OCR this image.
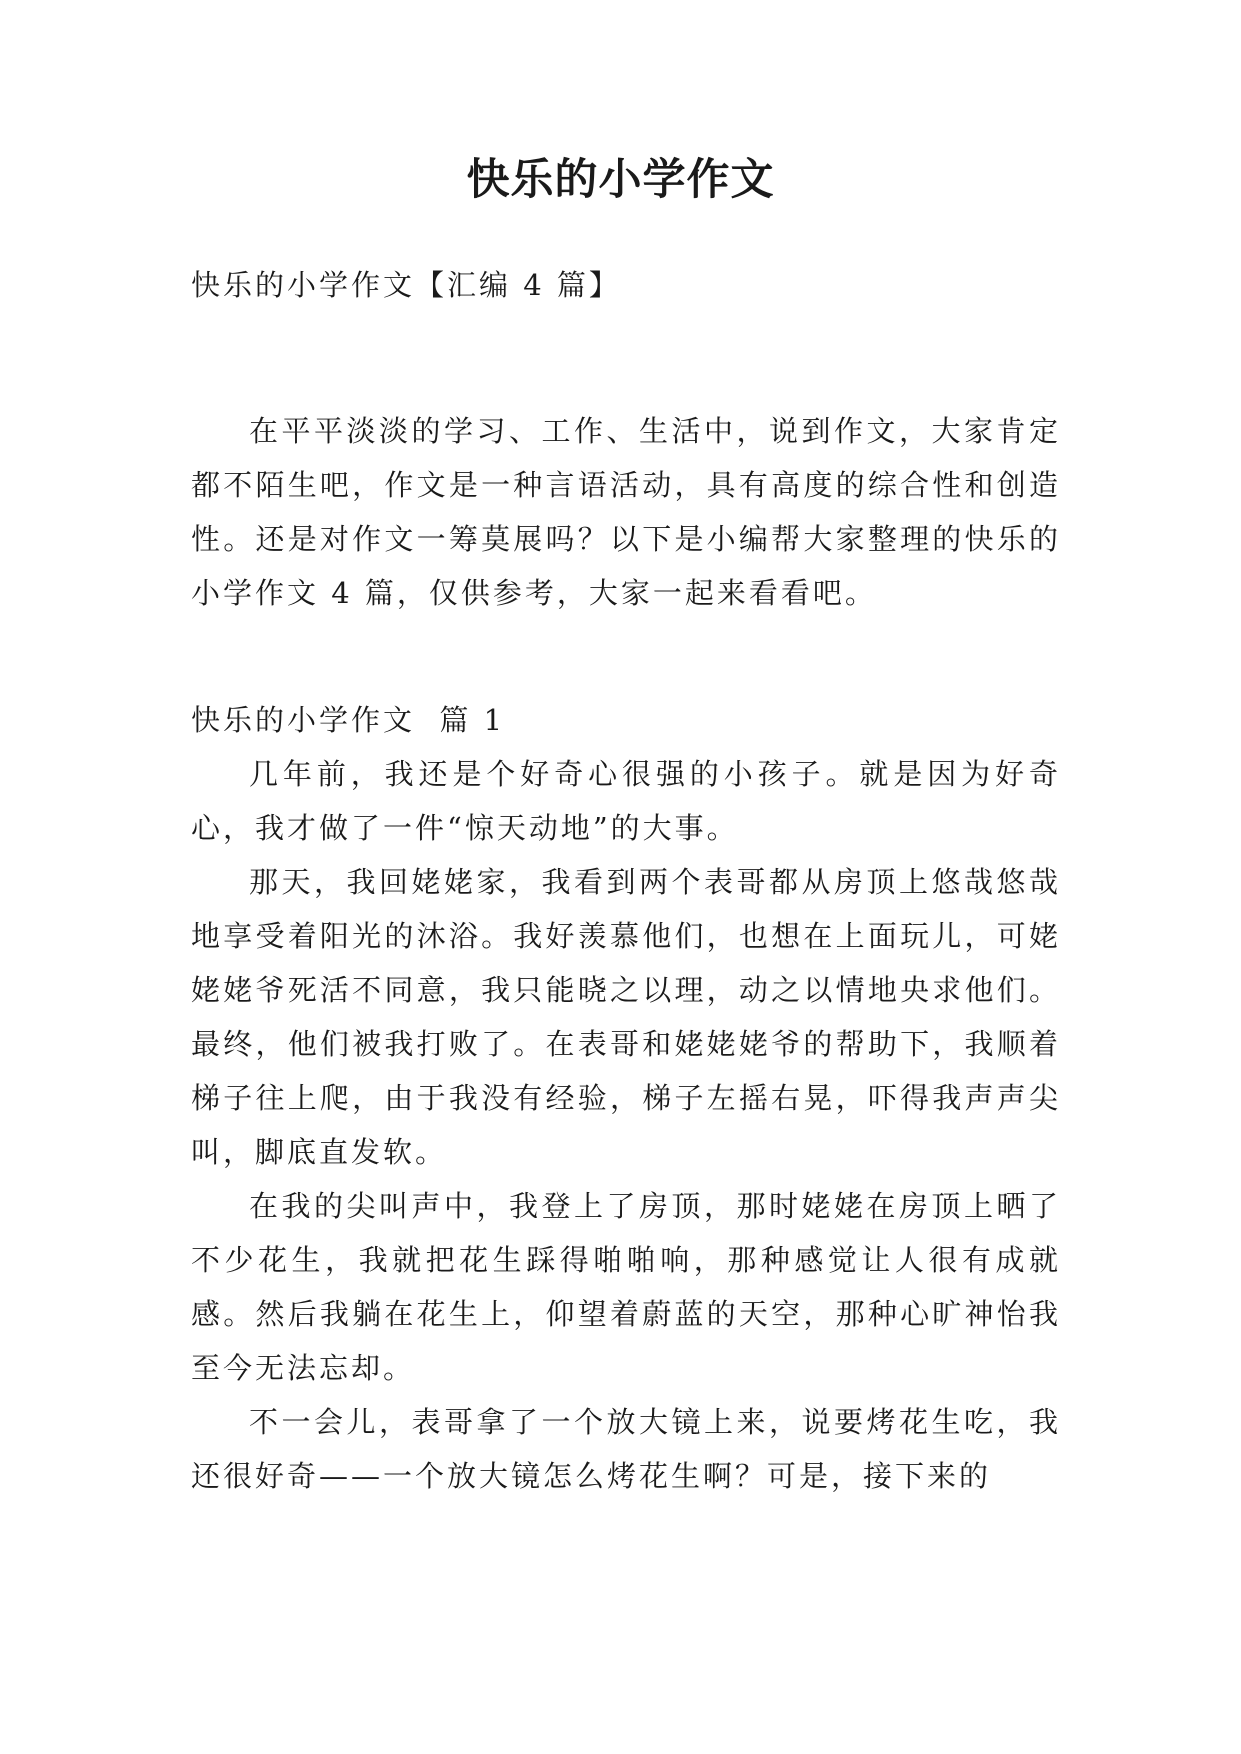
快乐的小学作文

快乐的小学作文【汇编 4 篇】

在平平淡淡的学习、工作、生活中，说到作文，大家肯定都不陌生吧，作文是一种言语活动，具有高度的综合性和创造性。还是对作文一筹莫展吗？以下是小编帮大家整理的快乐的小学作文 4 篇，仅供参考，大家一起来看看吧。

快乐的小学作文  篇 1

几年前，我还是个好奇心很强的小孩子。就是因为好奇心，我才做了一件“惊天动地”的大事。

那天，我回姥姥家，我看到两个表哥都从房顶上悠哉悠哉地享受着阳光的沐浴。我好羡慕他们，也想在上面玩儿，可姥姥姥爷死活不同意，我只能晓之以理，动之以情地央求他们。最终，他们被我打败了。在表哥和姥姥姥爷的帮助下，我顺着梯子往上爬，由于我没有经验，梯子左摇右晃，吓得我声声尖叫，脚底直发软。

在我的尖叫声中，我登上了房顶，那时姥姥在房顶上晒了不少花生，我就把花生踩得啪啪响，那种感觉让人很有成就感。然后我躺在花生上，仰望着蔚蓝的天空，那种心旷神怡我至今无法忘却。

不一会儿，表哥拿了一个放大镜上来，说要烤花生吃，我还很好奇——一个放大镜怎么烤花生啊？可是，接下来的
